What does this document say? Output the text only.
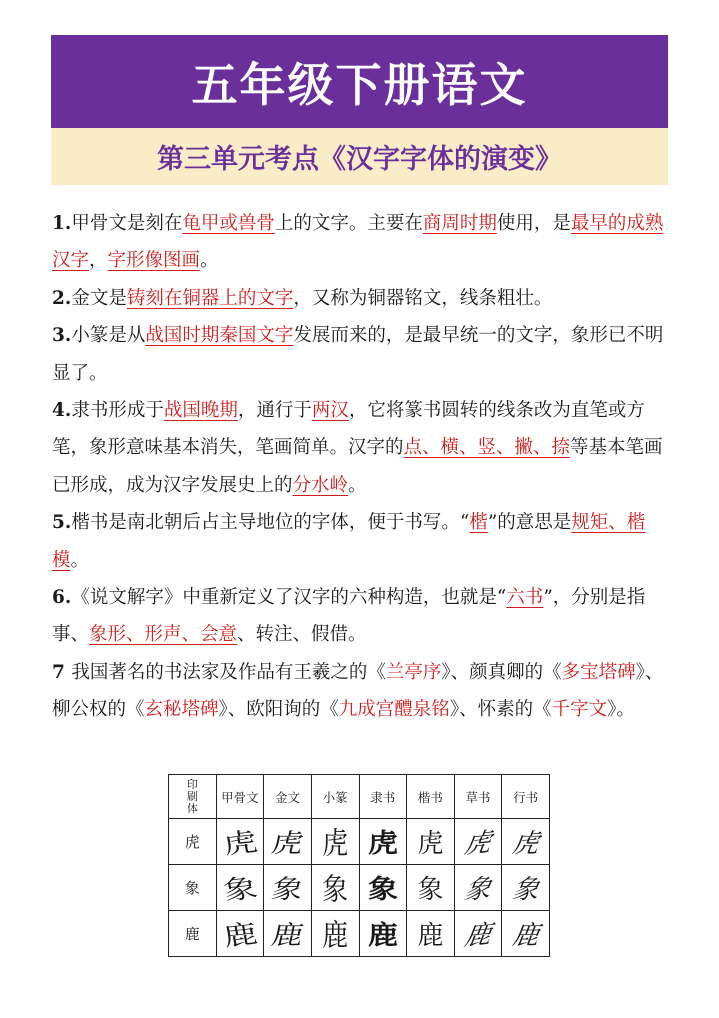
五年级下册语文
第三单元考点《汉字字体的演变》

1.甲骨文是刻在龟甲或兽骨上的文字。主要在商周时期使用，是最早的成熟汉字，字形像图画。

2.金文是铸刻在铜器上的文字，又称为铜器铭文，线条粗壮。

3.小篆是从战国时期秦国文字发展而来的，是最早统一的文字，象形已不明显了。

4.隶书形成于战国晚期，通行于两汉，它将篆书圆转的线条改为直笔或方笔，象形意味基本消失，笔画简单。汉字的点、横、竖、撇、捺等基本笔画已形成，成为汉字发展史上的分水岭。

5.楷书是南北朝后占主导地位的字体，便于书写。“楷”的意思是规矩、楷模。

6.《说文解字》中重新定义了汉字的六种构造，也就是“六书”，分别是指事、象形、形声、会意、转注、假借。

7 我国著名的书法家及作品有王羲之的《兰亭序》、颜真卿的《多宝塔碑》、柳公权的《玄秘塔碑》、欧阳询的《九成宫醴泉铭》、怀素的《千字文》。

印刷体	甲骨文	金文	小篆	隶书	楷书	草书	行书
虎	虎	虎	虎	虎	虎	虎	虎
象	象	象	象	象	象	象	象
鹿	鹿	鹿	鹿	鹿	鹿	鹿	鹿
